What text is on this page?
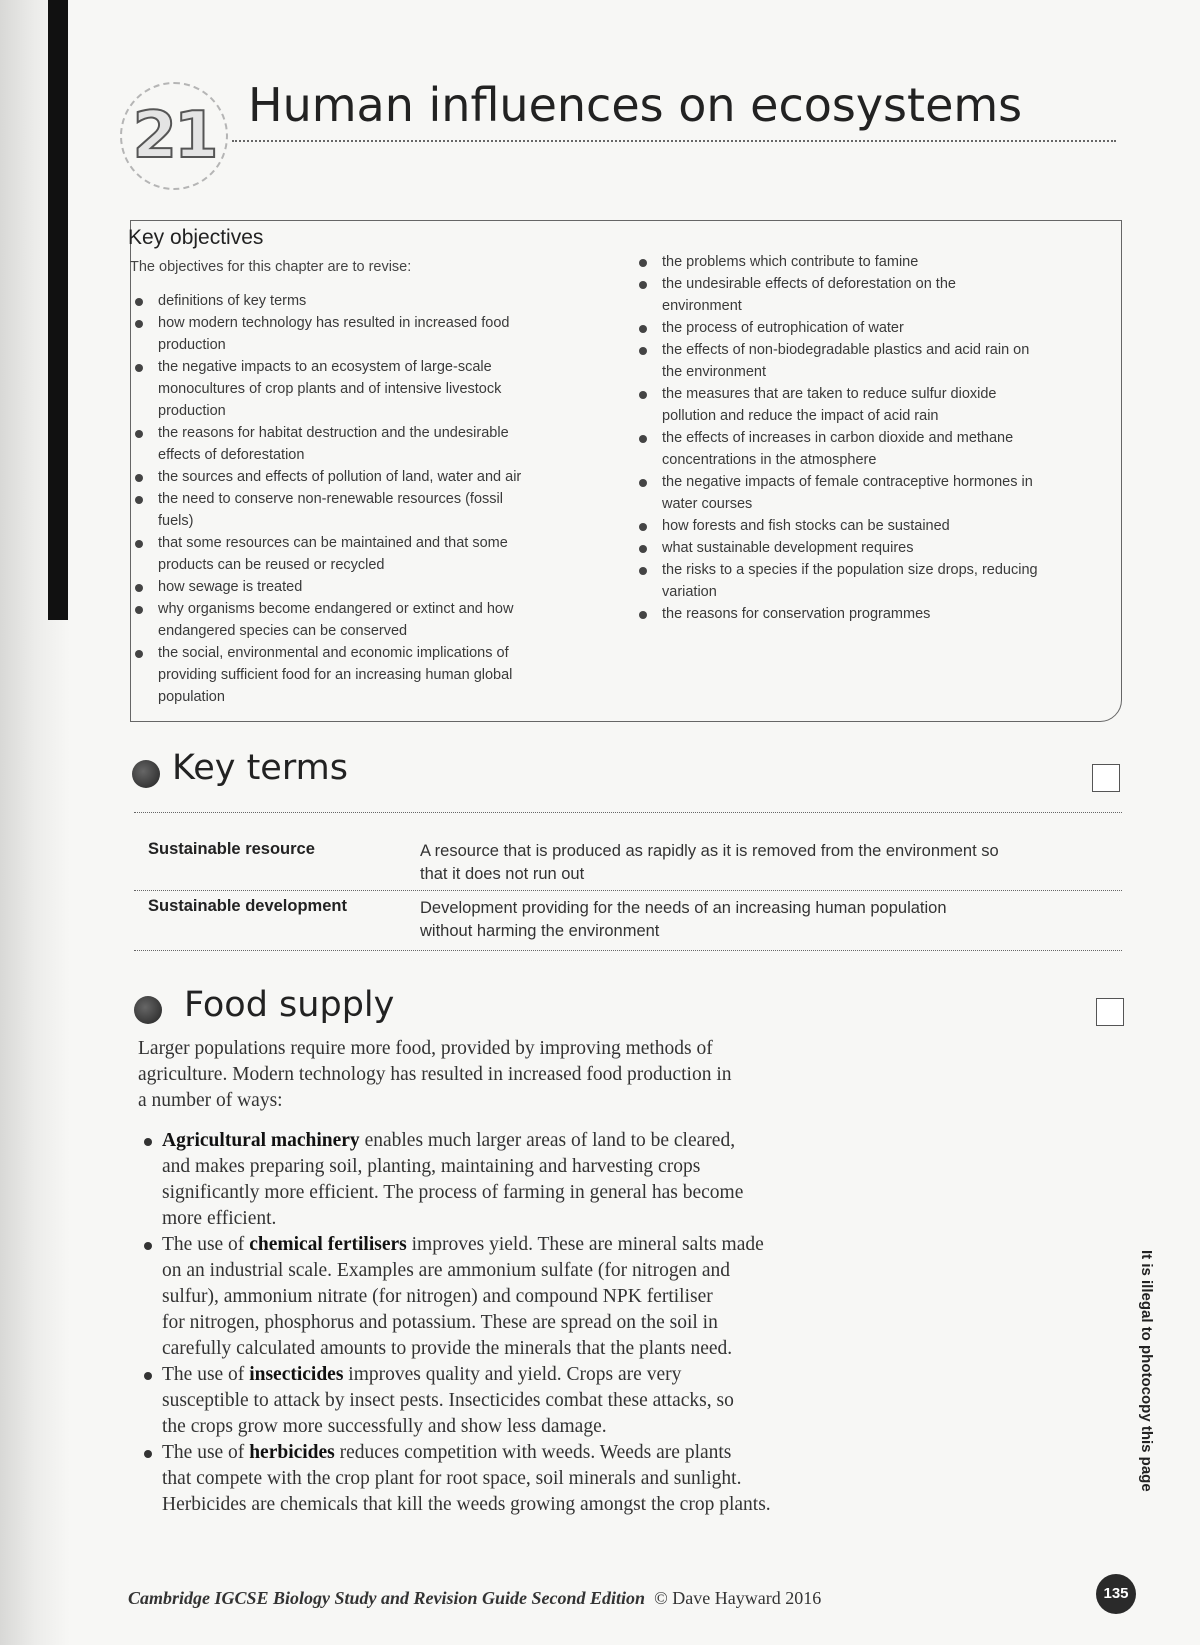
21 Human influences on ecosystems
Key objectives
The objectives for this chapter are to revise:
definitions of key terms
how modern technology has resulted in increased food
production
the negative impacts to an ecosystem of large-scale
monocultures of crop plants and of intensive livestock
production
the reasons for habitat destruction and the undesirable
effects of deforestation
the sources and effects of pollution of land, water and air
the need to conserve non-renewable resources (fossil
fuels)
that some resources can be maintained and that some
products can be reused or recycled
how sewage is treated
why organisms become endangered or extinct and how
endangered species can be conserved
the social, environmental and economic implications of
providing sufficient food for an increasing human global
population
the problems which contribute to famine
the undesirable effects of deforestation on the
environment
the process of eutrophication of water
the effects of non-biodegradable plastics and acid rain on
the environment
the measures that are taken to reduce sulfur dioxide
pollution and reduce the impact of acid rain
the effects of increases in carbon dioxide and methane
concentrations in the atmosphere
the negative impacts of female contraceptive hormones in
water courses
how forests and fish stocks can be sustained
what sustainable development requires
the risks to a species if the population size drops, reducing
variation
the reasons for conservation programmes
Key terms
Sustainable resource	A resource that is produced as rapidly as it is removed from the environment so
that it does not run out
Sustainable development	Development providing for the needs of an increasing human population
without harming the environment
Food supply

Larger populations require more food, provided by improving methods of
agriculture. Modern technology has resulted in increased food production in
a number of ways:

Agricultural machinery enables much larger areas of land to be cleared,
and makes preparing soil, planting, maintaining and harvesting crops
significantly more efficient. The process of farming in general has become
more efficient.
The use of chemical fertilisers improves yield. These are mineral salts made
on an industrial scale. Examples are ammonium sulfate (for nitrogen and
sulfur), ammonium nitrate (for nitrogen) and compound NPK fertiliser
for nitrogen, phosphorus and potassium. These are spread on the soil in
carefully calculated amounts to provide the minerals that the plants need.
The use of insecticides improves quality and yield. Crops are very
susceptible to attack by insect pests. Insecticides combat these attacks, so
the crops grow more successfully and show less damage.
The use of herbicides reduces competition with weeds. Weeds are plants
that compete with the crop plant for root space, soil minerals and sunlight.
Herbicides are chemicals that kill the weeds growing amongst the crop plants.
It is illegal to photocopy this page
Cambridge IGCSE Biology Study and Revision Guide Second Edition © Dave Hayward 2016	135
